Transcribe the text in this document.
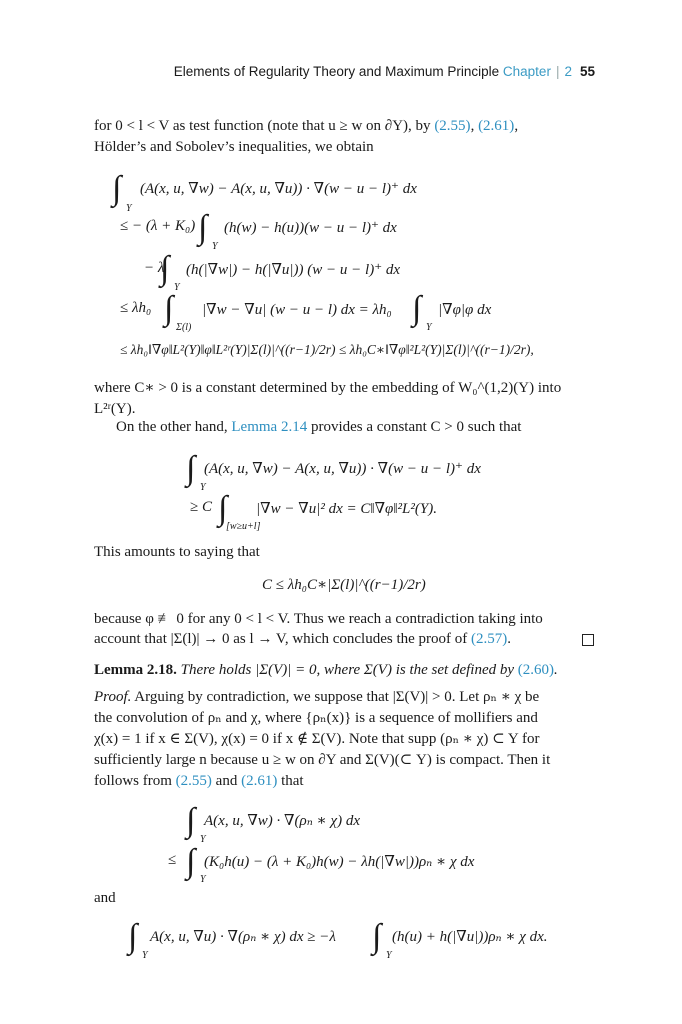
Elements of Regularity Theory and Maximum Principle Chapter | 2 55
for 0 < l < V as test function (note that u ≥ w on ∂Y), by (2.55), (2.61),
Hölder’s and Sobolev’s inequalities, we obtain
∫
Y
(A(x, u, ∇w) − A(x, u, ∇u)) · ∇(w − u − l)⁺ dx
≤ − (λ + K₀) ∫
Y
(h(w) − h(u))(w − u − l)⁺ dx
− λ
∫
Y
(h(|∇w|) − h(|∇u|)) (w − u − l)⁺ dx
≤ λh₀ ∫
Σ(l)
|∇w − ∇u| (w − u − l) dx = λh₀ ∫
Y
|∇φ|φ dx
≤ λh₀‖∇φ‖L²(Y)‖φ‖L²ʳ(Y)|Σ(l)|^((r−1)/2r) ≤ λh₀C∗‖∇φ‖²L²(Y)|Σ(l)|^((r−1)/2r),
where C∗ > 0 is a constant determined by the embedding of W₀^(1,2)(Y) into
L²ʳ(Y).
On the other hand, Lemma 2.14 provides a constant C > 0 such that
∫
Y
(A(x, u, ∇w) − A(x, u, ∇u)) · ∇(w − u − l)⁺ dx
≥ C ∫
[w≥u+l]
|∇w − ∇u|² dx = C‖∇φ‖²L²(Y).
This amounts to saying that
C ≤ λh₀C∗|Σ(l)|^((r−1)/2r)
because φ ≢ 0 for any 0 < l < V. Thus we reach a contradiction taking into
account that |Σ(l)| → 0 as l → V, which concludes the proof of (2.57).
Lemma 2.18. There holds |Σ(V)| = 0, where Σ(V) is the set defined by (2.60).
Proof. Arguing by contradiction, we suppose that |Σ(V)| > 0. Let ρₙ ∗ χ be
the convolution of ρₙ and χ, where {ρₙ(x)} is a sequence of mollifiers and
χ(x) = 1 if x ∈ Σ(V), χ(x) = 0 if x ∉ Σ(V). Note that supp (ρₙ ∗ χ) ⊂ Y for
sufficiently large n because u ≥ w on ∂Y and Σ(V)(⊂ Y) is compact. Then it
follows from (2.55) and (2.61) that
∫
Y
A(x, u, ∇w) · ∇(ρₙ ∗ χ) dx
≤ ∫ Y
(K₀h(u) − (λ + K₀)h(w) − λh(|∇w|))ρₙ ∗ χ dx
and
∫
Y
A(x, u, ∇u) · ∇(ρₙ ∗ χ) dx ≥ −λ ∫
Y
(h(u) + h(|∇u|))ρₙ ∗ χ dx.
